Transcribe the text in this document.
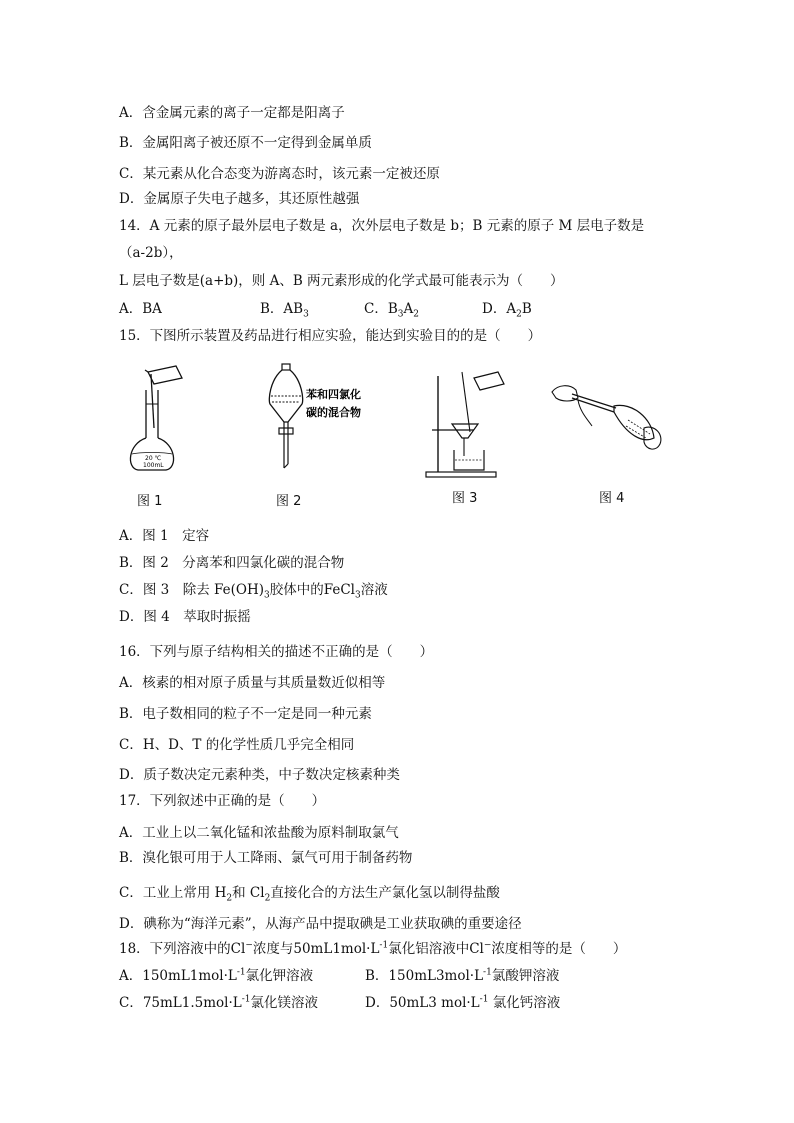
A．含金属元素的离子一定都是阳离子
B．金属阳离子被还原不一定得到金属单质
C．某元素从化合态变为游离态时，该元素一定被还原
D．金属原子失电子越多，其还原性越强
14．A 元素的原子最外层电子数是 a，次外层电子数是 b；B 元素的原子 M 层电子数是
（a-2b），
L 层电子数是(a+b)，则 A、B 两元素形成的化学式最可能表示为（　　）
A．BA	B．$AB_3$	C．$B_3A_2$	D．$A_2B$
15．下图所示装置及药品进行相应实验，能达到实验目的的是（　　）
20 ℃
100mL
苯和四氯化
碳的混合物
图 1	图 2	图 3	图 4
A．图 1　定容
B．图 2　分离苯和四氯化碳的混合物
C．图 3　除去 $Fe(OH)_3$胶体中的FeCl$_3$溶液
D．图 4　萃取时振摇
16．下列与原子结构相关的描述不正确的是（　　）
A．核素的相对原子质量与其质量数近似相等
B．电子数相同的粒子不一定是同一种元素
C．H、D、T 的化学性质几乎完全相同
D．质子数决定元素种类，中子数决定核素种类
17．下列叙述中正确的是（　　）
A．工业上以二氧化锰和浓盐酸为原料制取氯气
B．溴化银可用于人工降雨、氯气可用于制备药物
C．工业上常用 $H_2$和 $Cl_2$直接化合的方法生产氯化氢以制得盐酸
D．碘称为“海洋元素”，从海产品中提取碘是工业获取碘的重要途径
18．下列溶液中的Cl−浓度与$50mL1mol\cdot L^{-1}$氯化铝溶液中Cl−浓度相等的是（　　）
A．$150mL1mol\cdot L^{-1}$氯化钾溶液	B．$150mL3mol\cdot L^{-1}$氯酸钾溶液
C．$75mL1.5mol\cdot L^{-1}$氯化镁溶液	D．50mL3 $mol\cdot L^{-1}$ 氯化钙溶液
